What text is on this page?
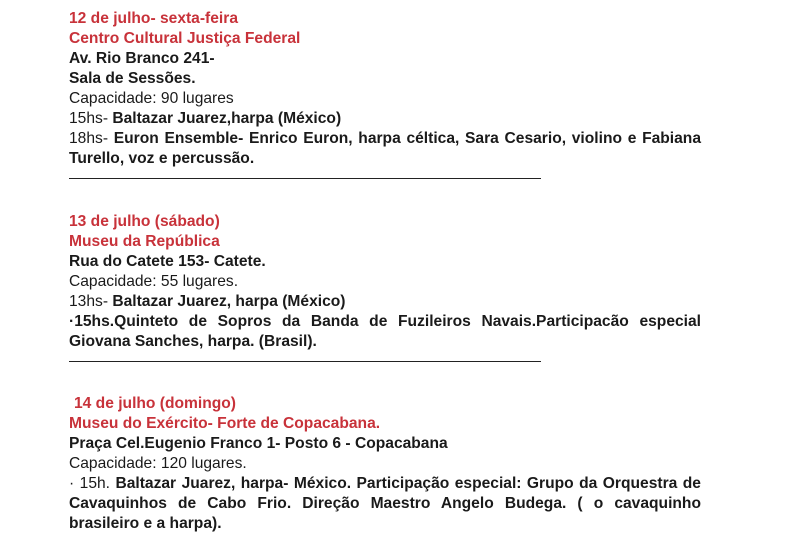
12 de julho- sexta-feira
Centro Cultural Justiça Federal
Av. Rio Branco 241-
Sala de Sessões.
Capacidade: 90 lugares
15hs- Baltazar Juarez,harpa (México)
18hs- Euron Ensemble- Enrico Euron, harpa céltica, Sara Cesario, violino e Fabiana Turello, voz e percussão.
13 de julho (sábado)
Museu da República
Rua do Catete 153- Catete.
Capacidade: 55 lugares.
13hs- Baltazar Juarez, harpa (México)
·15hs.Quinteto de Sopros da Banda de Fuzileiros Navais.Participacão especial Giovana Sanches, harpa. (Brasil).
14 de julho (domingo)
Museu do Exército- Forte de Copacabana.
Praça Cel.Eugenio Franco 1- Posto 6 - Copacabana
Capacidade: 120 lugares.
· 15h. Baltazar Juarez, harpa- México. Participação especial: Grupo da Orquestra de Cavaquinhos de Cabo Frio. Direção Maestro Angelo Budega. ( o cavaquinho brasileiro e a harpa).
